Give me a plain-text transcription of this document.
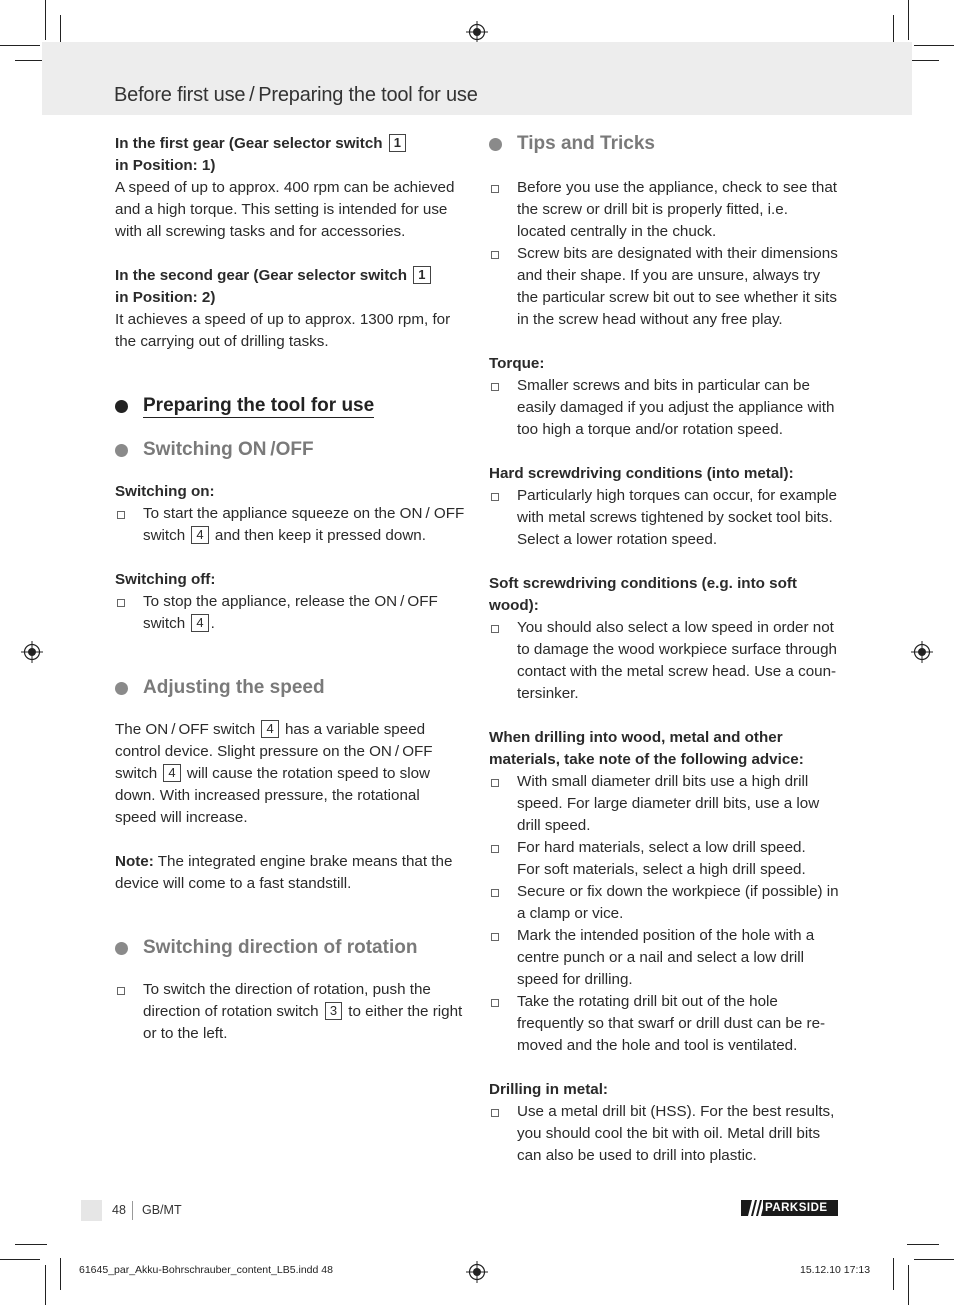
Before first use / Preparing the tool for use

In the first gear (Gear selector switch 1
in Position: 1)

A speed of up to approx. 400 rpm can be achieved and a high torque. This setting is intended for use with all screwing tasks and for accessories.

In the second gear (Gear selector switch 1
in Position: 2)

It achieves a speed of up to approx. 1300 rpm, for the carrying out of drilling tasks.

Preparing the tool for use
Switching ON /OFF

Switching on:

To start the appliance squeeze on the ON / OFF switch 4 and then keep it pressed down.

Switching off:

To stop the appliance, release the ON / OFF switch 4 .
Adjusting the speed

The ON / OFF switch 4 has a variable speed control device. Slight pressure on the ON / OFF switch 4 will cause the rotation speed to slow down. With increased pressure, the rotational speed will increase.

Note: The integrated engine brake means that the device will come to a fast standstill.

Switching direction of rotation
To switch the direction of rotation, push the direction of rotation switch 3 to either the right or to the left.
Tips and Tricks
Before you use the appliance, check to see that the screw or drill bit is properly fitted, i.e. located centrally in the chuck.
Screw bits are designated with their dimensions and their shape. If you are unsure, always try the particular screw bit out to see whether it sits in the screw head without any free play.

Torque:

Smaller screws and bits in particular can be easily damaged if you adjust the appliance with too high a torque and/or rotation speed.

Hard screwdriving conditions (into metal):

Particularly high torques can occur, for example with metal screws tightened by socket tool bits. Select a lower rotation speed.

Soft screwdriving conditions (e.g. into soft wood):

You should also select a low speed in order not to damage the wood workpiece surface through contact with the metal screw head. Use a coun-tersinker.

When drilling into wood, metal and other materials, take note of the following advice:

With small diameter drill bits use a high drill speed. For large diameter drill bits, use a low drill speed.
For hard materials, select a low drill speed.
For soft materials, select a high drill speed.
Secure or fix down the workpiece (if possible) in a clamp or vice.
Mark the intended position of the hole with a centre punch or a nail and select a low drill speed for drilling.
Take the rotating drill bit out of the hole frequently so that swarf or drill dust can be re-moved and the hole and tool is ventilated.

Drilling in metal:

Use a metal drill bit (HSS). For the best results, you should cool the bit with oil. Metal drill bits can also be used to drill into plastic.
48 GB/MT	PARKSIDE
61645_par_Akku-Bohrschrauber_content_LB5.indd 48	15.12.10 17:13
